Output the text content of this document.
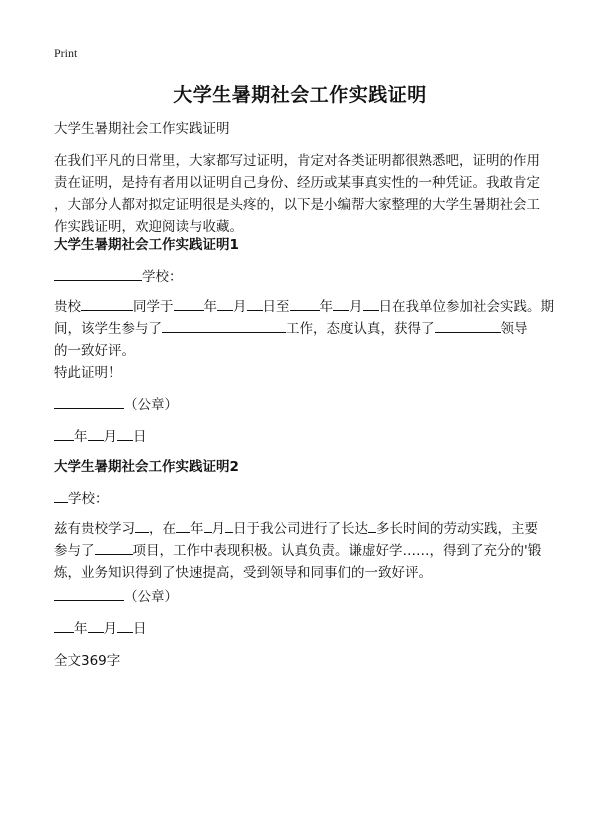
Print
大学生暑期社会工作实践证明
大学生暑期社会工作实践证明
在我们平凡的日常里，大家都写过证明，肯定对各类证明都很熟悉吧，证明的作用
责在证明，是持有者用以证明自己身份、经历或某事真实性的一种凭证。我敢肯定
，大部分人都对拟定证明很是头疼的，以下是小编帮大家整理的大学生暑期社会工
作实践证明，欢迎阅读与收藏。
大学生暑期社会工作实践证明1
学校：
贵校	同学于 年 月 日至 年 月 日在我单位参加社会实践。期
间，该学生参与了	工作，态度认真，获得了	领导
的一致好评。
特此证明！
（公章）
年 月 日
大学生暑期社会工作实践证明2
学校：
兹有贵校学习 ，在 年 月 日于我公司进行了长达 多长时间的劳动实践，主要
参与了	项目，工作中表现积极。认真负责。谦虚好学……，得到了充分的'锻
炼，业务知识得到了快速提高，受到领导和同事们的一致好评。
（公章）
年 月 日
全文369字
